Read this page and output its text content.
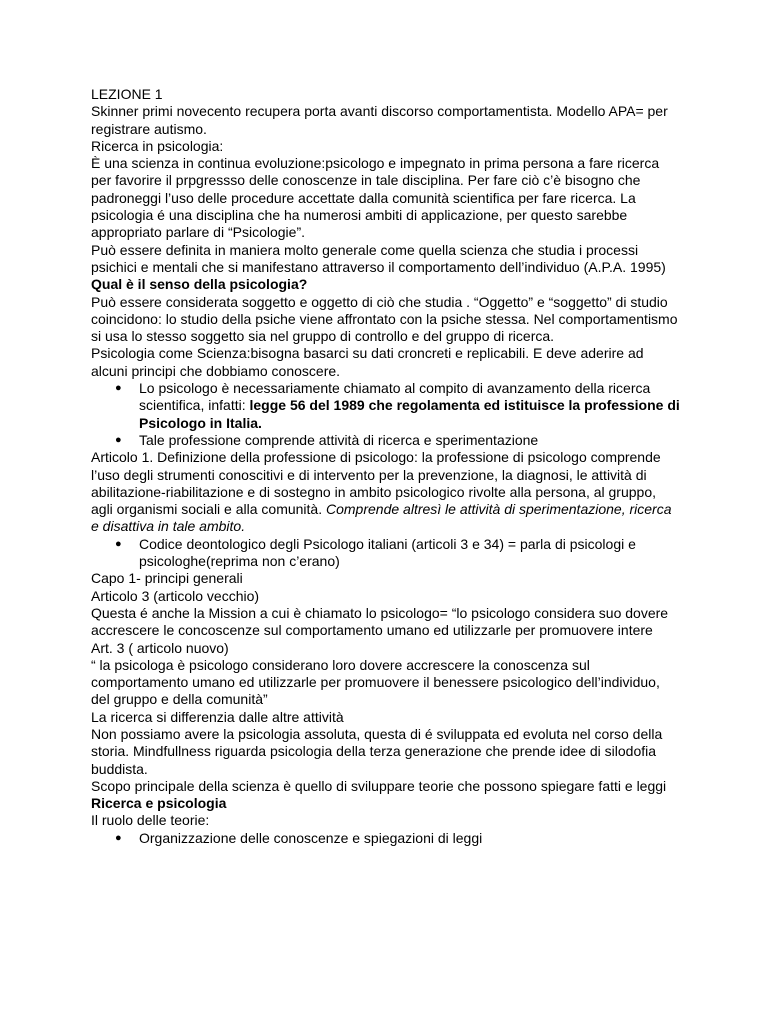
LEZIONE 1

Skinner primi novecento recupera porta avanti discorso comportamentista. Modello APA= per registrare autismo.

Ricerca in psicologia:

È una scienza in continua evoluzione:psicologo e impegnato in prima persona a fare ricerca per favorire il prpgressso delle conoscenze in tale disciplina. Per fare ciò c’è bisogno che padroneggi l’uso delle procedure accettate dalla comunità scientifica per fare ricerca. La psicologia é una disciplina che ha numerosi ambiti di applicazione, per questo sarebbe appropriato parlare di “Psicologie”.

Può essere definita in maniera molto generale come quella scienza che studia i processi psichici e mentali che si manifestano attraverso il comportamento dell’individuo (A.P.A. 1995)

Qual è il senso della psicologia?

Può essere considerata soggetto e oggetto di ciò che studia . “Oggetto” e “soggetto” di studio coincidono: lo studio della psiche viene affrontato con la psiche stessa. Nel comportamentismo si usa lo stesso soggetto sia nel gruppo di controllo e del gruppo di ricerca.

Psicologia come Scienza:bisogna basarci su dati croncreti e replicabili. E deve aderire ad alcuni principi che dobbiamo conoscere.

● Lo psicologo è necessariamente chiamato al compito di avanzamento della ricerca scientifica, infatti: legge 56 del 1989 che regolamenta ed istituisce la professione di Psicologo in Italia.
● Tale professione comprende attività di ricerca e sperimentazione

Articolo 1. Definizione della professione di psicologo: la professione di psicologo comprende l’uso degli strumenti conoscitivi e di intervento per la prevenzione, la diagnosi, le attività di abilitazione-riabilitazione e di sostegno in ambito psicologico rivolte alla persona, al gruppo, agli organismi sociali e alla comunità. Comprende altresì le attività di sperimentazione, ricerca e disattiva in tale ambito.

● Codice deontologico degli Psicologo italiani (articoli 3 e 34) = parla di psicologi e psicologhe(reprima non c’erano)

Capo 1- principi generali

Articolo 3 (articolo vecchio)

Questa é anche la Mission a cui è chiamato lo psicologo= “lo psicologo considera suo dovere accrescere le concoscenze sul comportamento umano ed utilizzarle per promuovere intere

Art. 3 ( articolo nuovo)

“ la psicologa è psicologo considerano loro dovere accrescere la conoscenza sul comportamento umano ed utilizzarle per promuovere il benessere psicologico dell’individuo, del gruppo e della comunità”

La ricerca si differenzia dalle altre attività

Non possiamo avere la psicologia assoluta, questa di é sviluppata ed evoluta nel corso della storia. Mindfullness riguarda psicologia della terza generazione che prende idee di silodofia buddista.

Scopo principale della scienza è quello di sviluppare teorie che possono spiegare fatti e leggi

Ricerca e psicologia

Il ruolo delle teorie:

● Organizzazione delle conoscenze e spiegazioni di leggi
